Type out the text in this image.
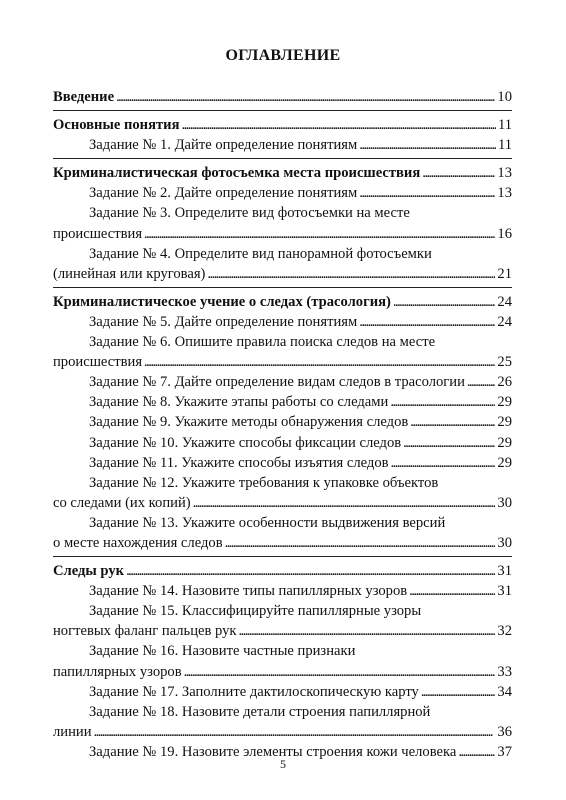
ОГЛАВЛЕНИЕ
Введение . . .	10
Основные понятия . . .	11
Задание № 1. Дайте определение понятиям . . .	11
Криминалистическая фотосъемка места происшествия . . .	13
Задание № 2. Дайте определение понятиям . . .	13
Задание № 3. Определите вид фотосъемки на месте
происшествия . . .	16
Задание № 4. Определите вид панорамной фотосъемки
(линейная или круговая) . . .	21
Криминалистическое учение о следах (трасология) . . .	24
Задание № 5. Дайте определение понятиям . . .	24
Задание № 6. Опишите правила поиска следов на месте
происшествия . . .	25
Задание № 7. Дайте определение видам следов в трасологии . . . 26
Задание № 8. Укажите этапы работы со следами . . .	29
Задание № 9. Укажите методы обнаружения следов . . .	29
Задание № 10. Укажите способы фиксации следов . . .	29
Задание № 11. Укажите способы изъятия следов . . .	29
Задание № 12. Укажите требования к упаковке объектов
со следами (их копий) . . .	30
Задание № 13. Укажите особенности выдвижения версий
о месте нахождения следов . . .	30
Следы рук . . .	31
Задание № 14. Назовите типы папиллярных узоров . . .	31
Задание № 15. Классифицируйте папиллярные узоры
ногтевых фаланг пальцев рук . . .	32
Задание № 16. Назовите частные признаки
папиллярных узоров . . .	33
Задание № 17. Заполните дактилоскопическую карту . . .	34
Задание № 18. Назовите детали строения папиллярной
линии . . .	36
Задание № 19. Назовите элементы строения кожи человека . . .	37
5
